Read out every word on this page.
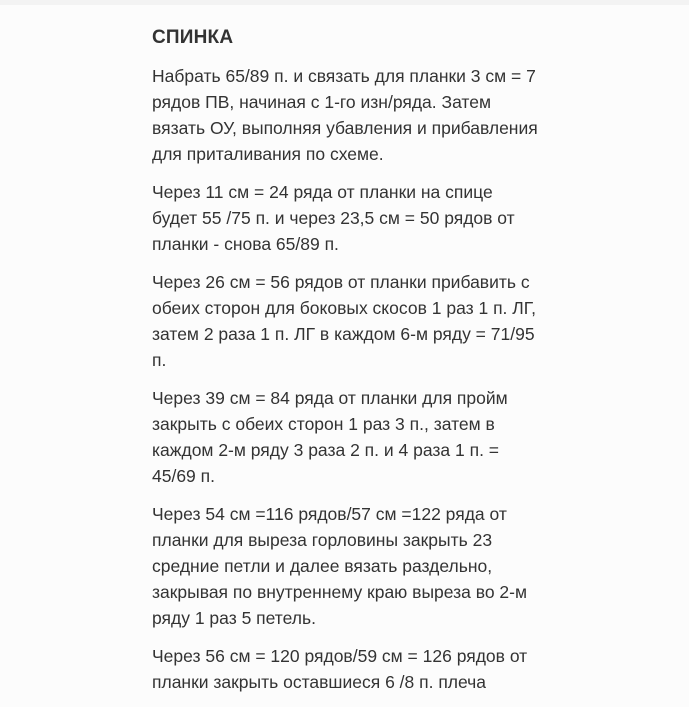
СПИНКА
Набрать 65/89 п. и связать для планки 3 см = 7
рядов ПВ, начиная с 1-го изн/ряда. Затем
вязать ОУ, выполняя убавления и прибавления
для приталивания по схеме.
Через 11 см = 24 ряда от планки на спице
будет 55 /75 п. и через 23,5 см = 50 рядов от
планки - снова 65/89 п.
Через 26 см = 56 рядов от планки прибавить с
обеих сторон для боковых скосов 1 раз 1 п. ЛГ,
затем 2 раза 1 п. ЛГ в каждом 6-м ряду = 71/95
п.
Через 39 см = 84 ряда от планки для пройм
закрыть с обеих сторон 1 раз 3 п., затем в
каждом 2-м ряду 3 раза 2 п. и 4 раза 1 п. =
45/69 п.
Через 54 см =116 рядов/57 см =122 ряда от
планки для выреза горловины закрыть 23
средние петли и далее вязать раздельно,
закрывая по внутреннему краю выреза во 2-м
ряду 1 раз 5 петель.
Через 56 см = 120 рядов/59 см = 126 рядов от
планки закрыть оставшиеся 6 /8 п. плеча
